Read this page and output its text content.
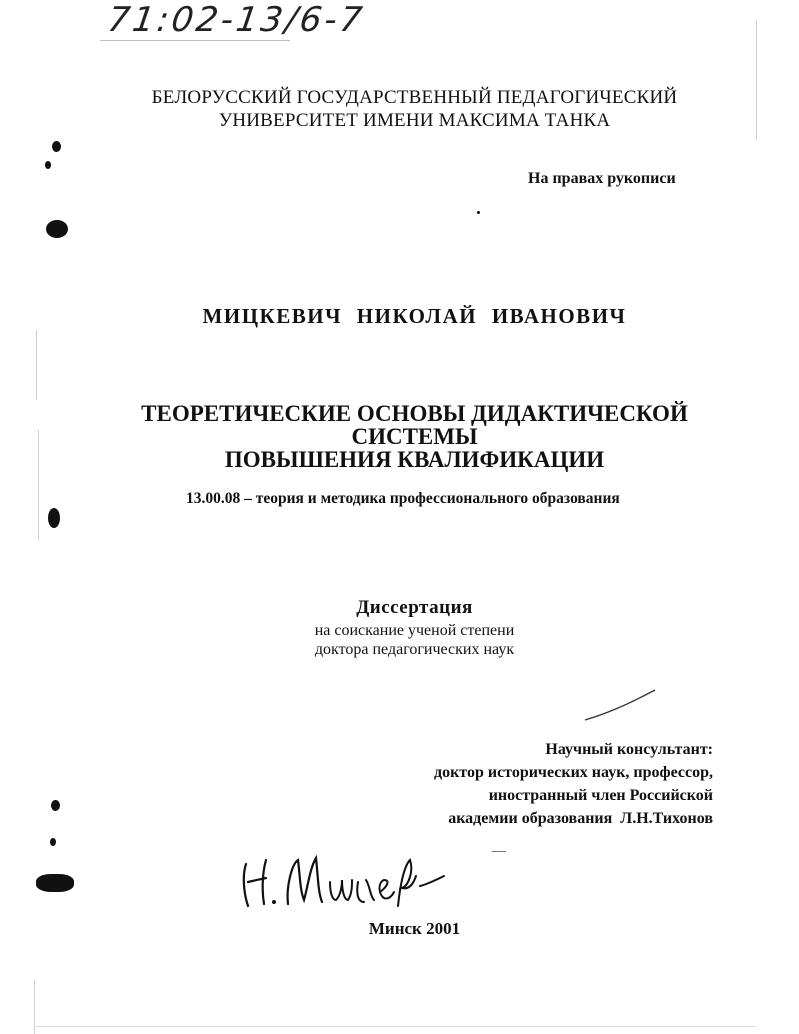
71:02-13/6-7
БЕЛОРУССКИЙ ГОСУДАРСТВЕННЫЙ ПЕДАГОГИЧЕСКИЙ
УНИВЕРСИТЕТ ИМЕНИ МАКСИМА ТАНКА
На правах рукописи
МИЦКЕВИЧ НИКОЛАЙ ИВАНОВИЧ
ТЕОРЕТИЧЕСКИЕ ОСНОВЫ ДИДАКТИЧЕСКОЙ
СИСТЕМЫ
ПОВЫШЕНИЯ КВАЛИФИКАЦИИ
13.00.08 – теория и методика профессионального образования
Диссертация
на соискание ученой степени
доктора педагогических наук
Научный консультант:
доктор исторических наук, профессор,
иностранный член Российской
академии образования  Л.Н.Тихонов
Минск 2001
